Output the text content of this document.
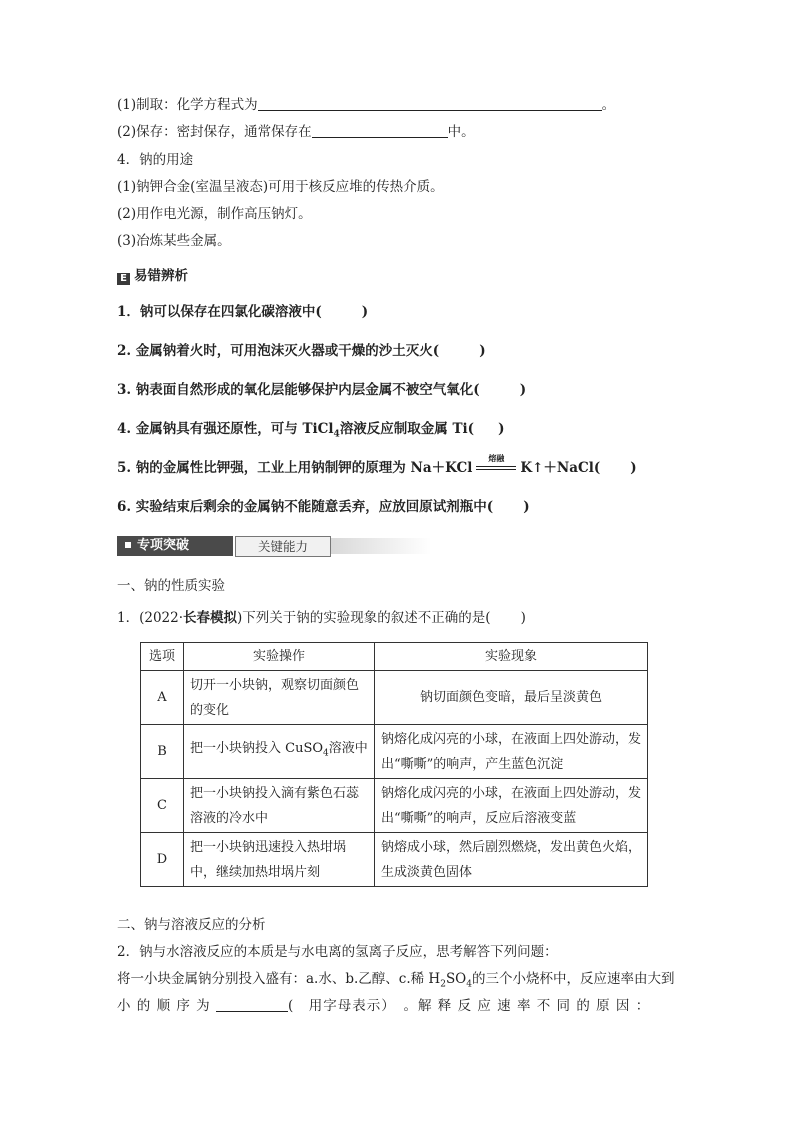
(1)制取：化学方程式为	。
(2)保存：密封保存，通常保存在	中。
4．钠的用途
(1)钠钾合金(室温呈液态)可用于核反应堆的传热介质。
(2)用作电光源，制作高压钠灯。
(3)冶炼某些金属。
E 易错辨析
1．钠可以保存在四氯化碳溶液中(	)
2. 金属钠着火时，可用泡沫灭火器或干燥的沙土灭火(	)
3. 钠表面自然形成的氧化层能够保护内层金属不被空气氧化(	)
4. 金属钠具有强还原性，可与 TiCl$_4$溶液反应制取金属 Ti( )
5. 钠的金属性比钾强，工业上用钠制钾的原理为 Na＋KCl
熔融
K↑＋NaCl( )
6. 实验结束后剩余的金属钠不能随意丢弃，应放回原试剂瓶中( )
专项突破	关键能力
一、钠的性质实验
1．(2022·长春模拟)下列关于钠的实验现象的叙述不正确的是( )
选项	实验操作	实验现象
A	切开一小块钠，观察切面颜色的变化	钠切面颜色变暗，最后呈淡黄色
B	把一小块钠投入 CuSO$_4$溶液中	钠熔化成闪亮的小球，在液面上四处游动，发出“嘶嘶”的响声，产生蓝色沉淀
C	把一小块钠投入滴有紫色石蕊溶液的冷水中	钠熔化成闪亮的小球，在液面上四处游动，发出“嘶嘶”的响声，反应后溶液变蓝
D	把一小块钠迅速投入热坩埚中，继续加热坩埚片刻	钠熔成小球，然后剧烈燃烧，发出黄色火焰，生成淡黄色固体
二、钠与溶液反应的分析
2．钠与水溶液反应的本质是与水电离的氢离子反应，思考解答下列问题：
将一小块金属钠分别投入盛有：a.水、b.乙醇、c.稀 $H_2SO_4$的三个小烧杯中，反应速率由大到
小 的 顺 序 为	(　用字母表示）　。解 释 反 应 速 率 不 同 的 原 因 ：
